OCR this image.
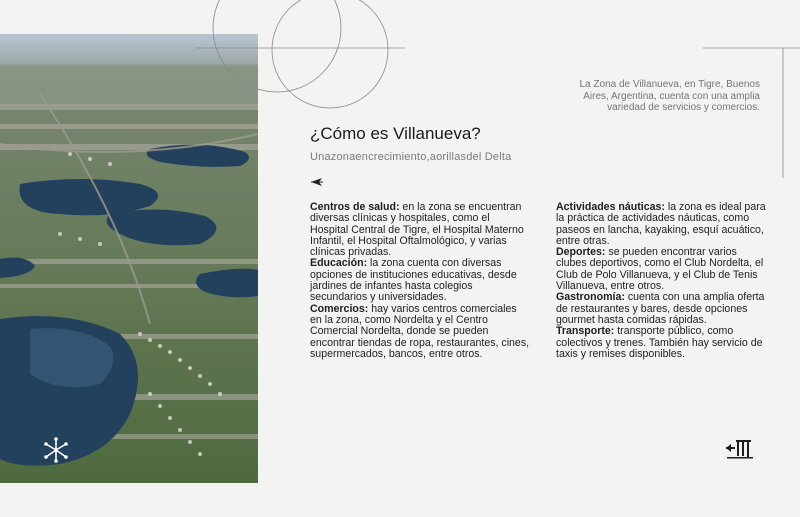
La Zona de Villanueva, en Tigre, Buenos Aires, Argentina, cuenta con una amplia variedad de servicios y comercios.
¿Cómo es Villanueva?
Unazonaencrecimiento,aorillasdel Delta

Centros de salud: en la zona se encuentran diversas clínicas y hospitales, como el Hospital Central de Tigre, el Hospital Materno Infantil, el Hospital Oftalmológico, y varias clínicas privadas.

Educación: la zona cuenta con diversas opciones de instituciones educativas, desde jardines de infantes hasta colegios secundarios y universidades.

Comercios: hay varios centros comerciales en la zona, como Nordelta y el Centro Comercial Nordelta, donde se pueden encontrar tiendas de ropa, restaurantes, cines, supermercados, bancos, entre otros.

Actividades náuticas: la zona es ideal para la práctica de actividades náuticas, como paseos en lancha, kayaking, esquí acuático, entre otras.

Deportes: se pueden encontrar varios clubes deportivos, como el Club Nordelta, el Club de Polo Villanueva, y el Club de Tenis Villanueva, entre otros.

Gastronomía: cuenta con una amplia oferta de restaurantes y bares, desde opciones gourmet hasta comidas rápidas.

Transporte: transporte público, como colectivos y trenes. También hay servicio de taxis y remises disponibles.
